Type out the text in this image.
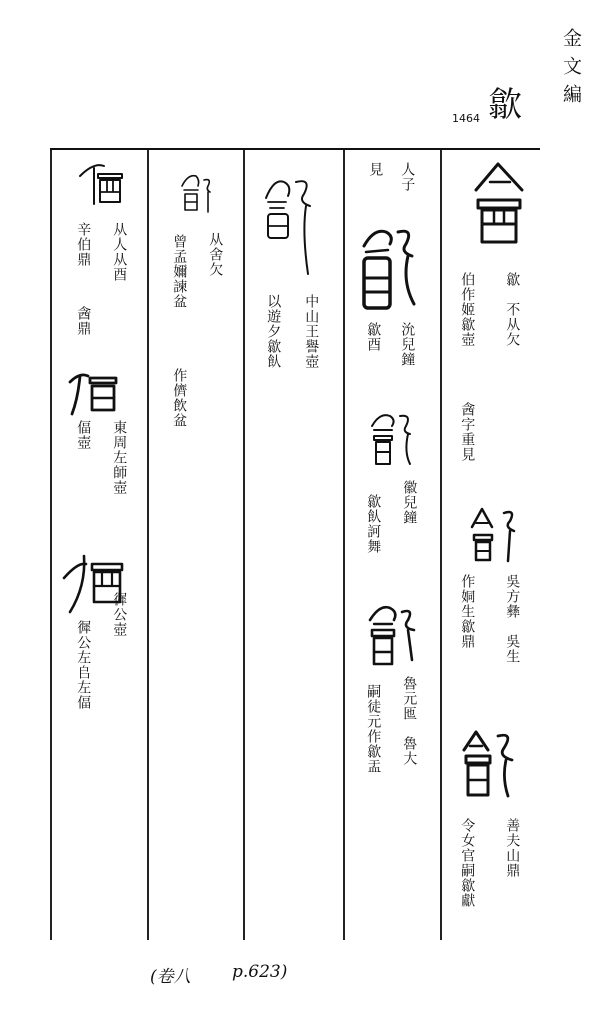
金文編
1464 歙
歙　不从欠
伯作姬歙壺
酓字重見
吳方彝　吳生
作姛生歙鼎
善夫山鼎
令女官嗣歙獻
人子
見
沇兒鐘
歙酉
徽兒鐘
歙飤訶舞
魯元匜　魯大
嗣徒元作歙盂
中山王譽壺
以遊夕歙飤
从舍欠
曾孟嬭諫盆
作儕飲盆
从人从酉
辛伯鼎
酓鼎
東周左師壺
偪壺
徲公壺
徲公左𠂤左偪
(卷八 p.623)
